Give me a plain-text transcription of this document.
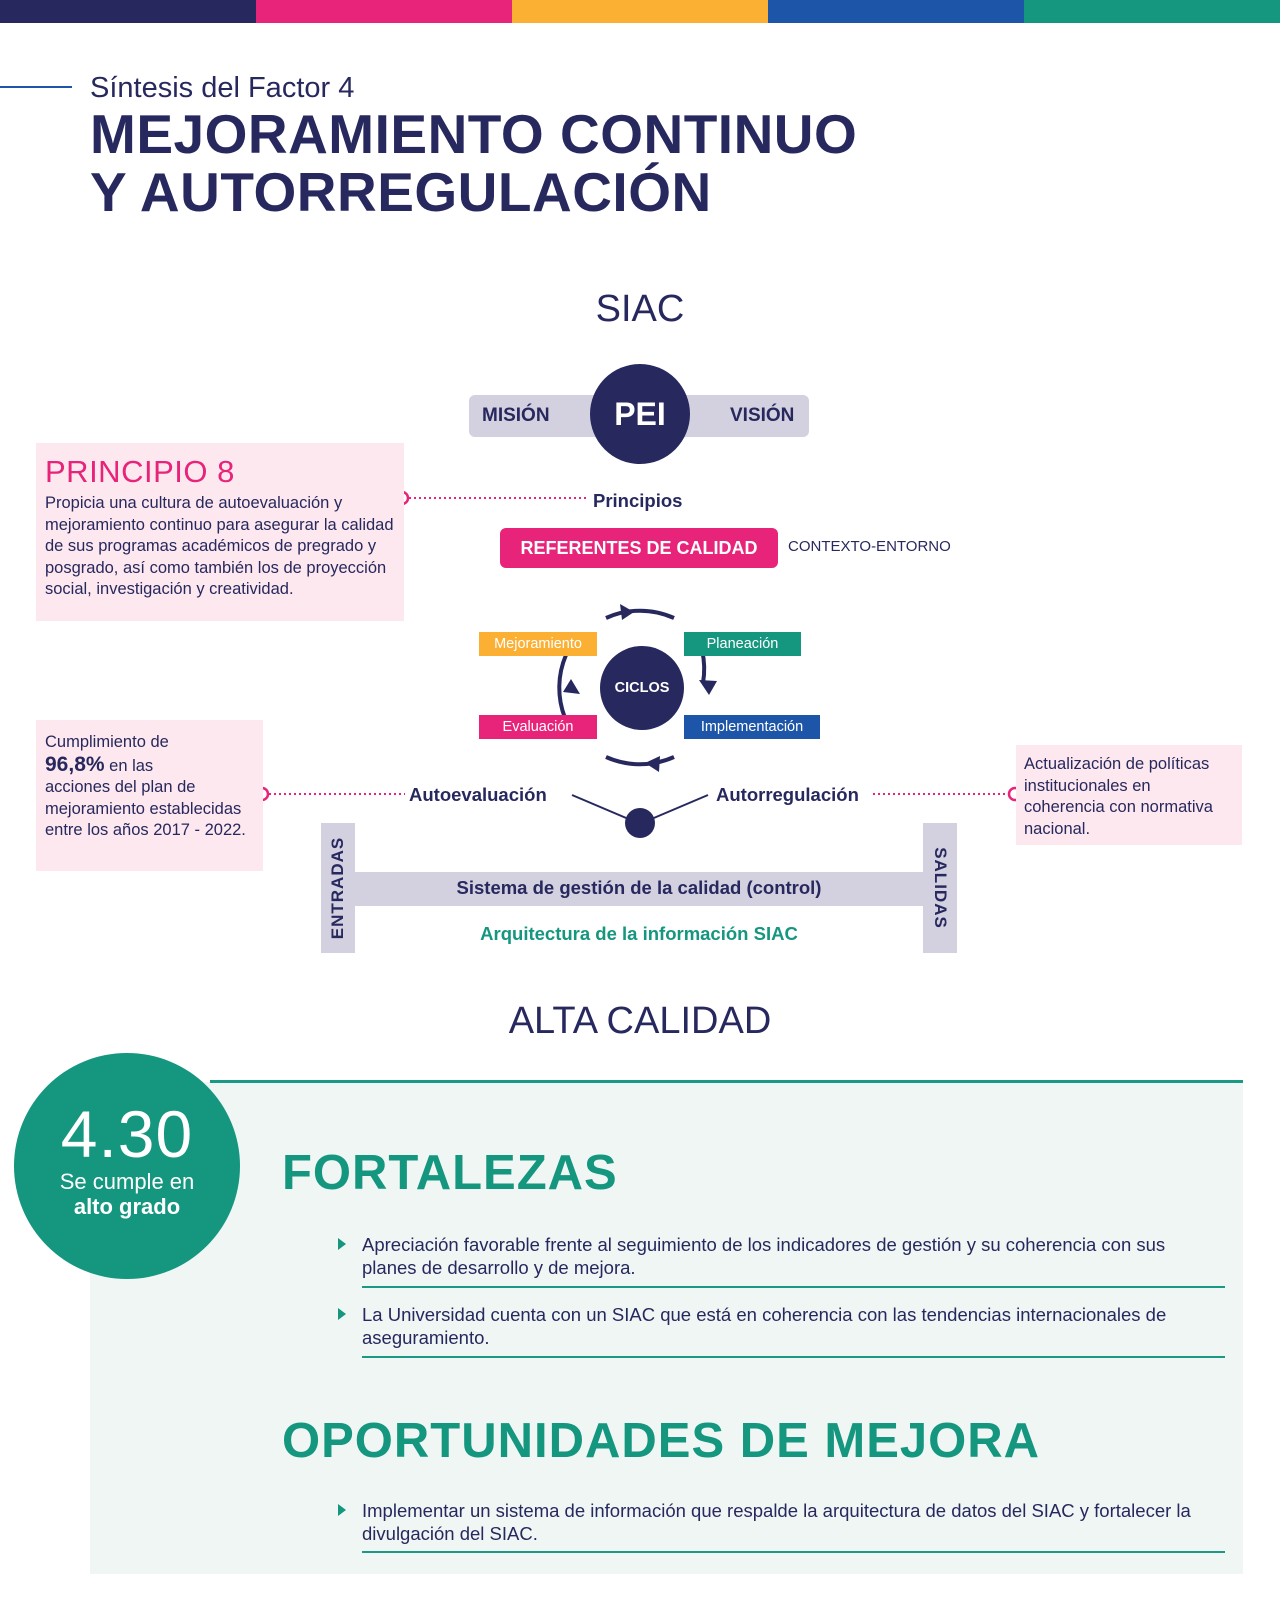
Síntesis del Factor 4
MEJORAMIENTO CONTINUO
Y AUTORREGULACIÓN
SIAC
MISIÓN	VISIÓN
PEI
PRINCIPIO 8

Propicia una cultura de autoevaluación y mejoramiento continuo para asegurar la calidad de sus programas académicos de pregrado y posgrado, así como también los de proyección social, investigación y creatividad.

Principios
REFERENTES DE CALIDAD	CONTEXTO-ENTORNO
Mejoramiento	Planeación
Evaluación	Implementación
CICLOS

Cumplimiento de

96,8% en las

acciones del plan de mejoramiento establecidas entre los años 2017 - 2022.

Autoevaluación	Autorregulación

Actualización de políticas institucionales en coherencia con normativa nacional.

ENTRADAS	SALIDAS
Sistema de gestión de la calidad (control)
Arquitectura de la información SIAC
ALTA CALIDAD
4.30
Se cumple en
alto grado
FORTALEZAS

Apreciación favorable frente al seguimiento de los indicadores de gestión y su coherencia con sus planes de desarrollo y de mejora.

La Universidad cuenta con un SIAC que está en coherencia con las tendencias internacionales de aseguramiento.

OPORTUNIDADES DE MEJORA

Implementar un sistema de información que respalde la arquitectura de datos del SIAC y fortalecer la divulgación del SIAC.
